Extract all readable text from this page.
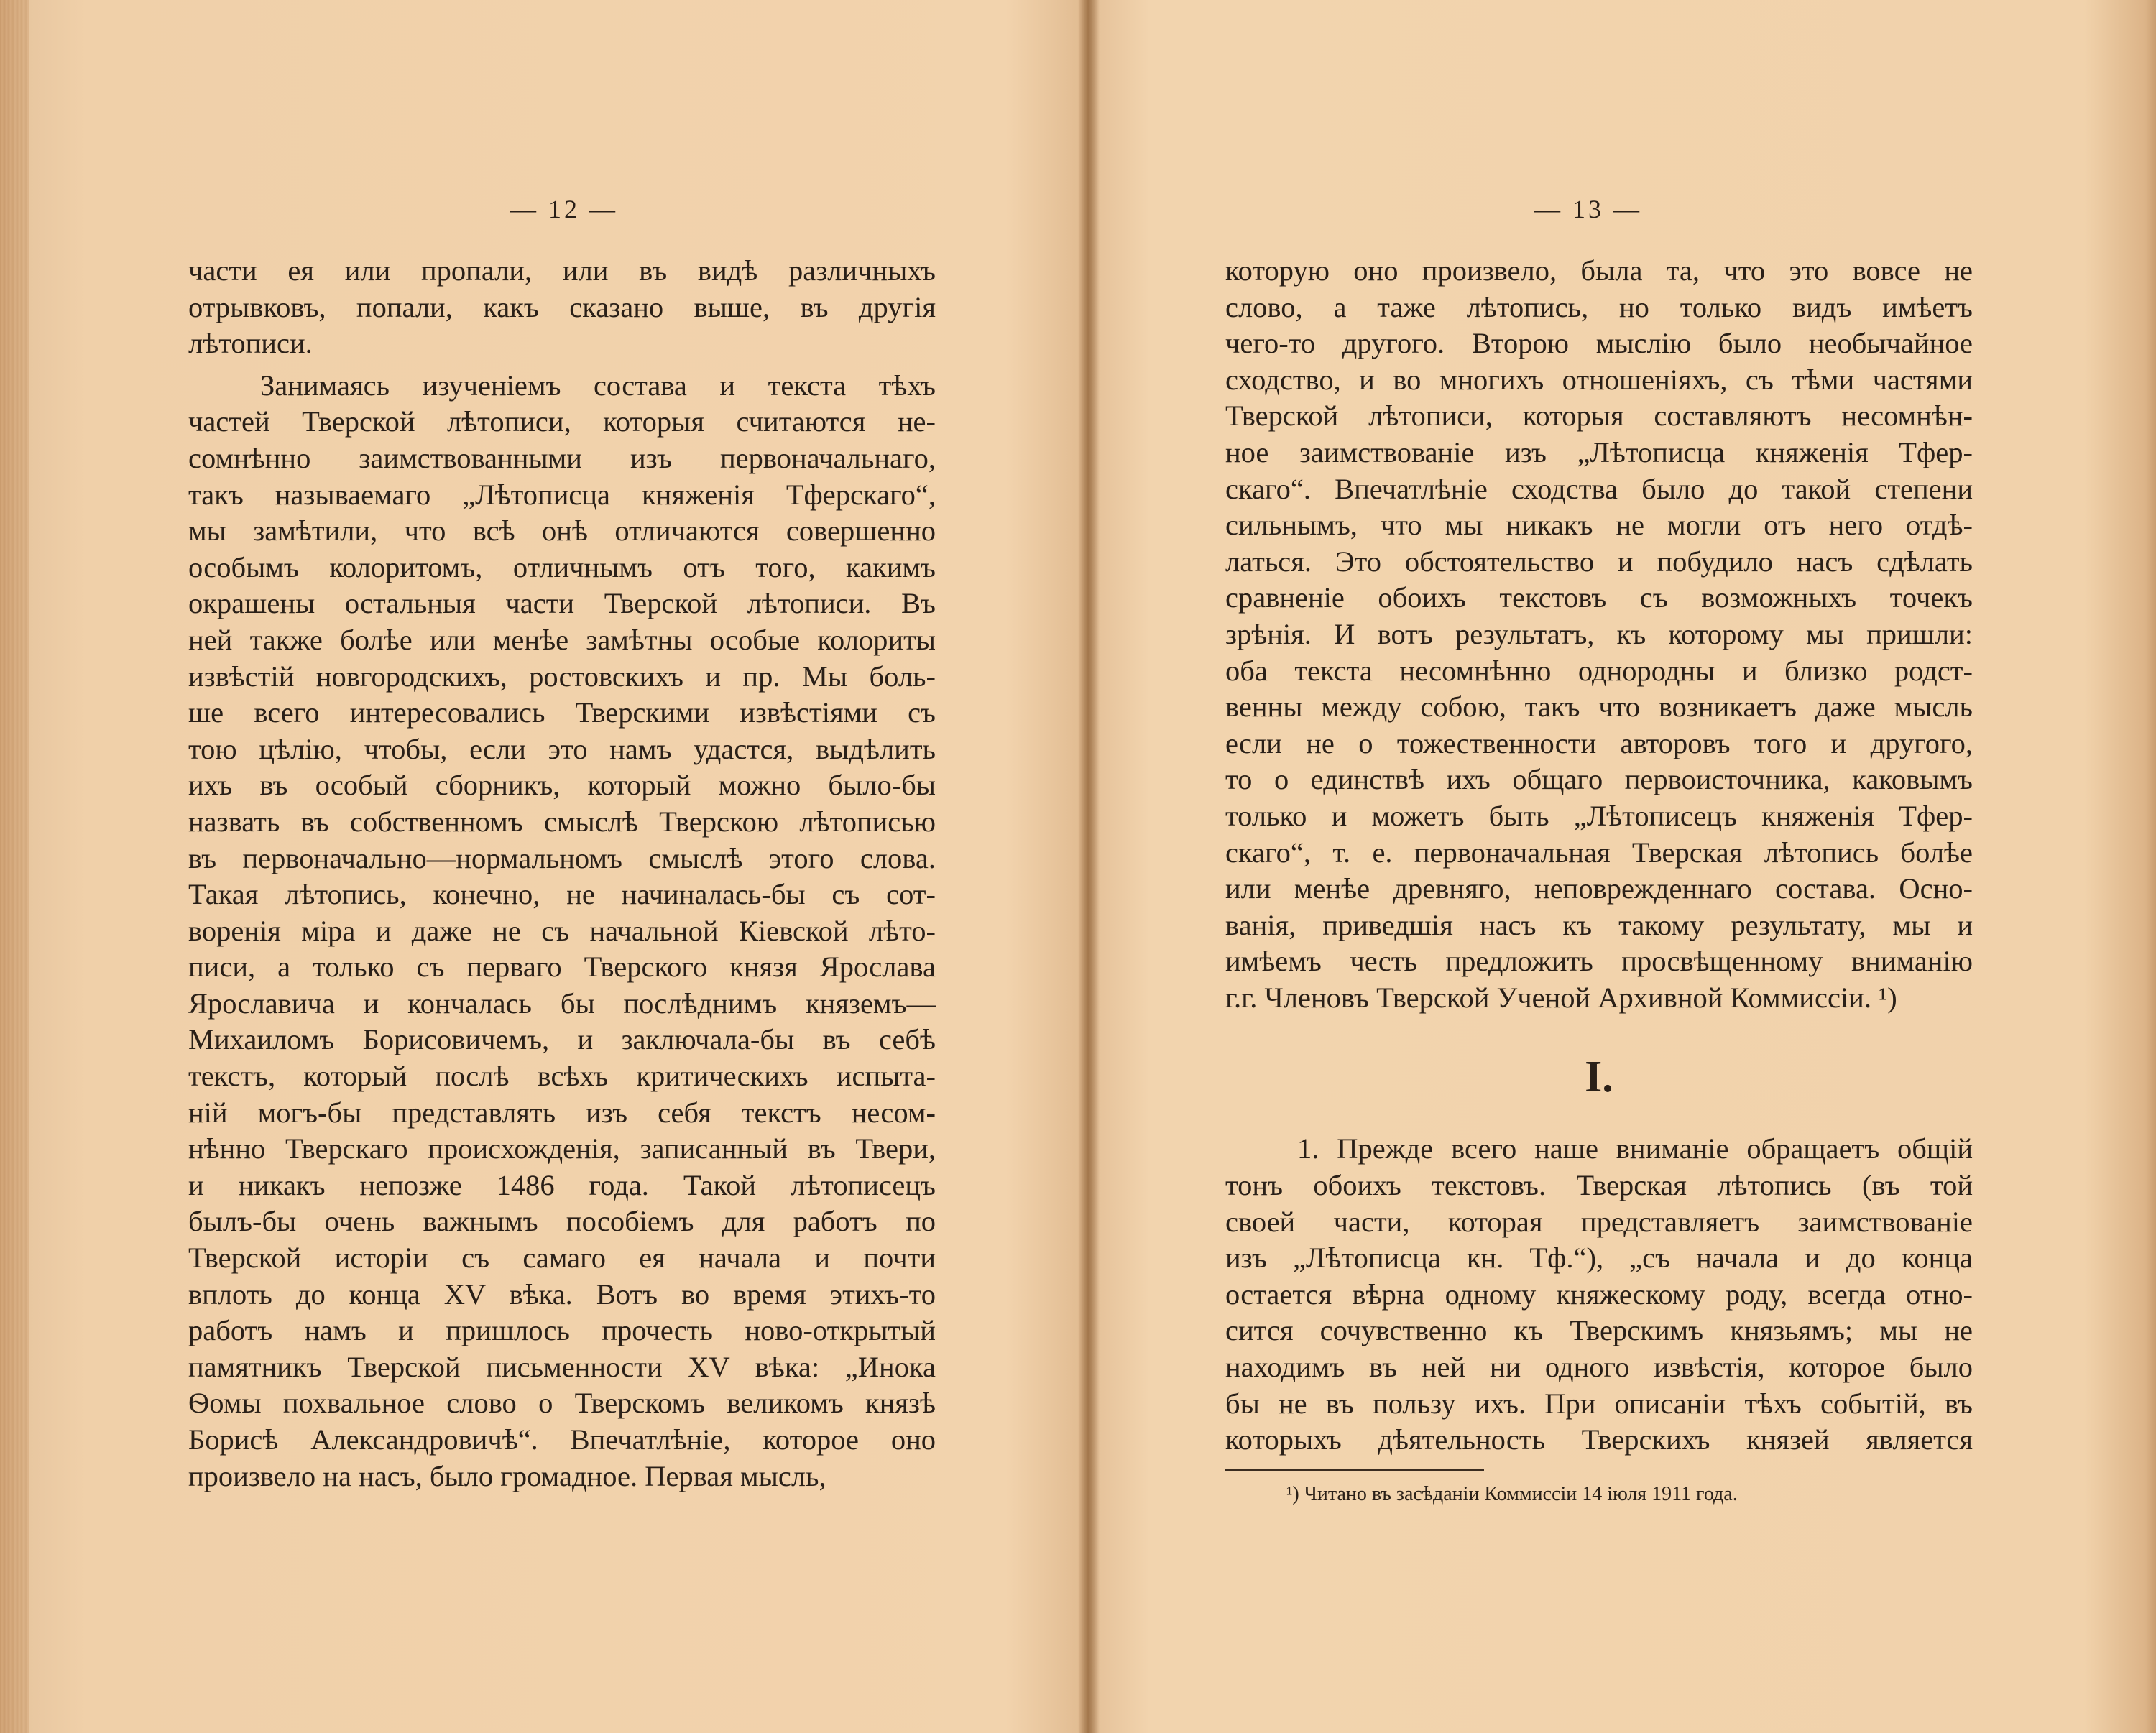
— 12 —
части ея или пропали, или въ видѣ различныхъ
отрывковъ, попали, какъ сказано выше, въ другія
лѣтописи.
Занимаясь изученіемъ состава и текста тѣхъ
частей Тверской лѣтописи, которыя считаются не-
сомнѣнно заимствованными изъ первоначальнаго,
такъ называемаго „Лѣтописца княженія Тферскаго“,
мы замѣтили, что всѣ онѣ отличаются совершенно
особымъ колоритомъ, отличнымъ отъ того, какимъ
окрашены остальныя части Тверской лѣтописи. Въ
ней также болѣе или менѣе замѣтны особые колориты
извѣстій новгородскихъ, ростовскихъ и пр. Мы боль-
ше всего интересовались Тверскими извѣстіями съ
тою цѣлію, чтобы, если это намъ удастся, выдѣлить
ихъ въ особый сборникъ, который можно было-бы
назвать въ собственномъ смыслѣ Тверскою лѣтописью
въ первоначально—нормальномъ смыслѣ этого слова.
Такая лѣтопись, конечно, не начиналась-бы съ сот-
воренія міра и даже не съ начальной Кіевской лѣто-
писи, а только съ перваго Тверского князя Ярослава
Ярославича и кончалась бы послѣднимъ княземъ—
Михаиломъ Борисовичемъ, и заключала-бы въ себѣ
текстъ, который послѣ всѣхъ критическихъ испыта-
ній могъ-бы представлять изъ себя текстъ несом-
нѣнно Тверскаго происхожденія, записанный въ Твери,
и никакъ непозже 1486 года. Такой лѣтописецъ
былъ-бы очень важнымъ пособіемъ для работъ по
Тверской исторіи съ самаго ея начала и почти
вплоть до конца XV вѣка. Вотъ во время этихъ-то
работъ намъ и пришлось прочесть ново-открытый
памятникъ Тверской письменности XV вѣка: „Инока
Ѳомы похвальное слово о Тверскомъ великомъ князѣ
Борисѣ Александровичѣ“. Впечатлѣніе, которое оно
произвело на насъ, было громадное. Первая мысль,
— 13 —
которую оно произвело, была та, что это вовсе не
слово, а таже лѣтопись, но только видъ имѣетъ
чего-то другого. Второю мыслію было необычайное
сходство, и во многихъ отношеніяхъ, съ тѣми частями
Тверской лѣтописи, которыя составляютъ несомнѣн-
ное заимствованіе изъ „Лѣтописца княженія Тфер-
скаго“. Впечатлѣніе сходства было до такой степени
сильнымъ, что мы никакъ не могли отъ него отдѣ-
латься. Это обстоятельство и побудило насъ сдѣлать
сравненіе обоихъ текстовъ съ возможныхъ точекъ
зрѣнія. И вотъ результатъ, къ которому мы пришли:
оба текста несомнѣнно однородны и близко родст-
венны между собою, такъ что возникаетъ даже мысль
если не о тожественности авторовъ того и другого,
то о единствѣ ихъ общаго первоисточника, каковымъ
только и можетъ быть „Лѣтописецъ княженія Тфер-
скаго“, т. е. первоначальная Тверская лѣтопись болѣе
или менѣе древняго, неповрежденнаго состава. Осно-
ванія, приведшія насъ къ такому результату, мы и
имѣемъ честь предложить просвѣщенному вниманію
г.г. Членовъ Тверской Ученой Архивной Коммиссіи. ¹)
I.
1. Прежде всего наше вниманіе обращаетъ общій
тонъ обоихъ текстовъ. Тверская лѣтопись (въ той
своей части, которая представляетъ заимствованіе
изъ „Лѣтописца кн. Тф.“), „съ начала и до конца
остается вѣрна одному княжескому роду, всегда отно-
сится сочувственно къ Тверскимъ князьямъ; мы не
находимъ въ ней ни одного извѣстія, которое было
бы не въ пользу ихъ. При описаніи тѣхъ событій, въ
которыхъ дѣятельность Тверскихъ князей является
¹) Читано въ засѣданіи Коммиссіи 14 іюля 1911 года.
